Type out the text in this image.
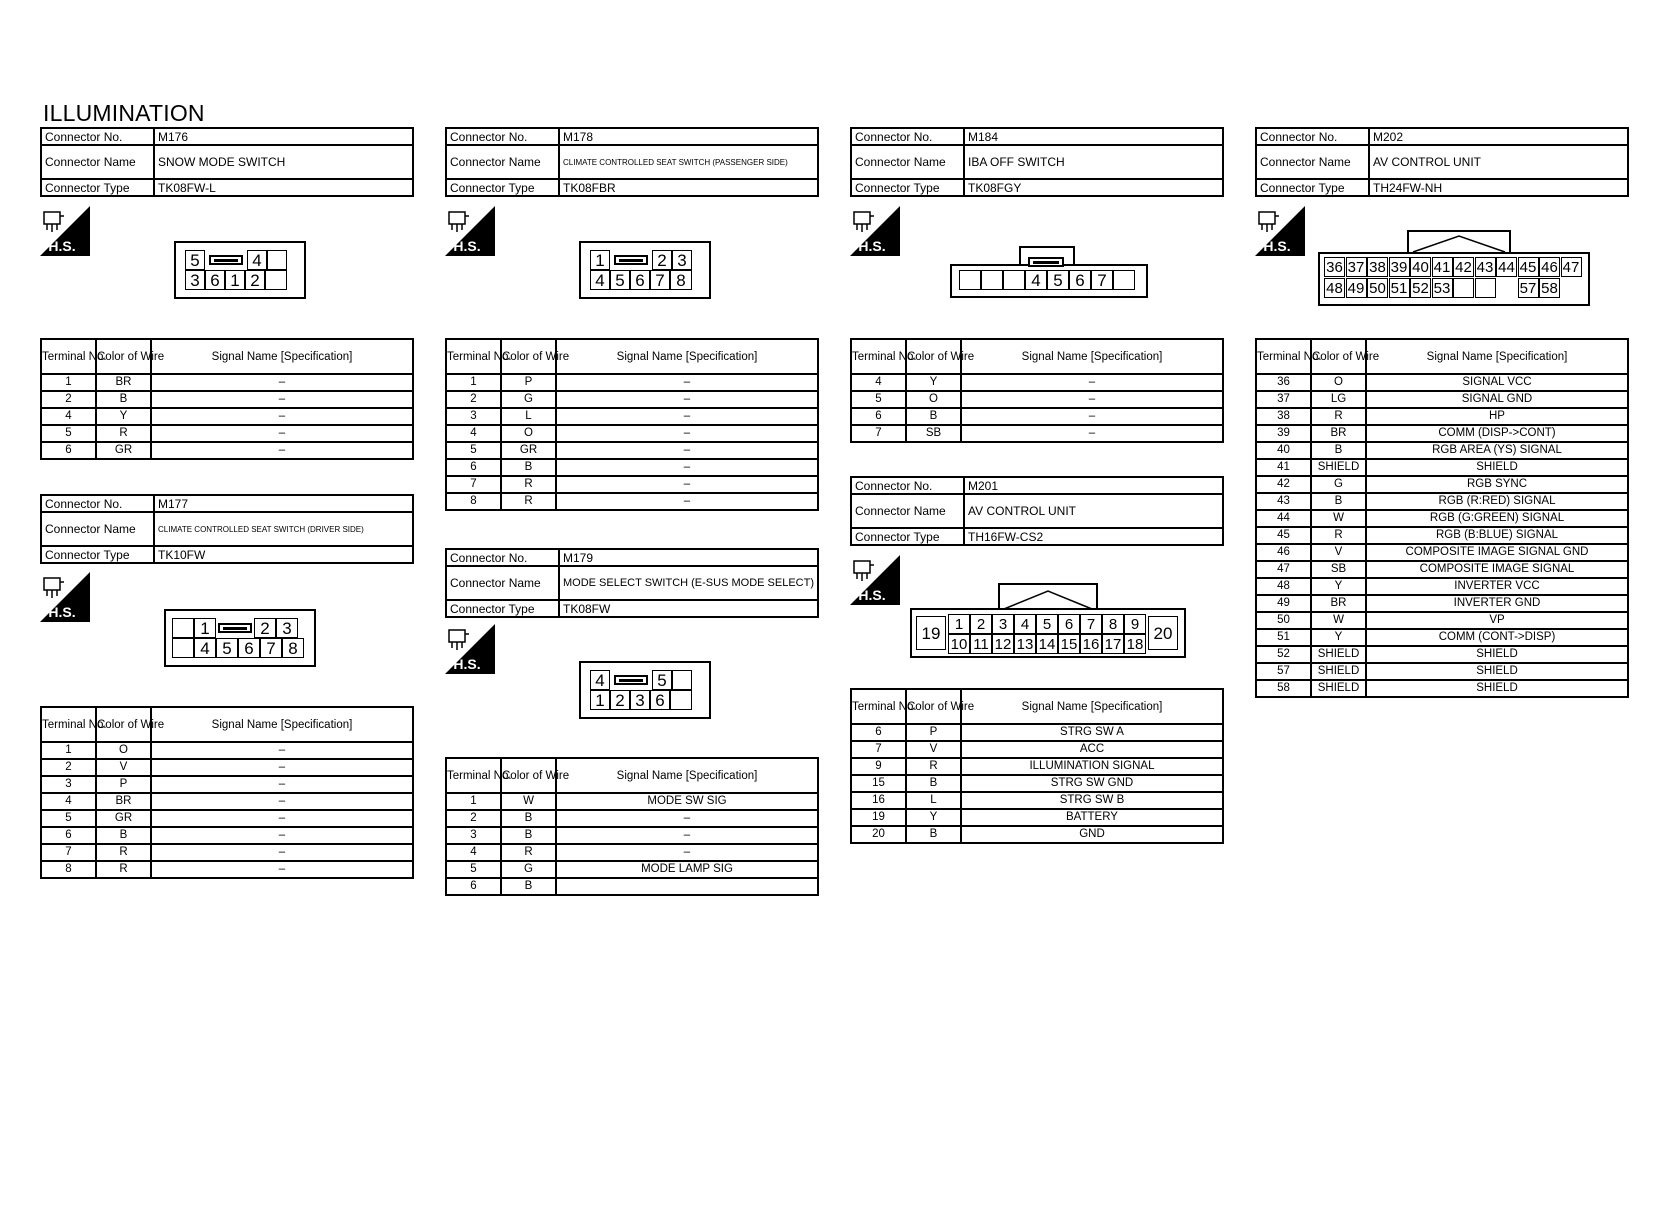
ILLUMINATION
Connector No.	M176
Connector Name	SNOW MODE SWITCH
Connector Type	TK08FW-L
H.S.
5	4
3 6 1 2
Terminal No.	Color of Wire	Signal Name [Specification]
1	BR	–
2	B	–
4	Y	–
5	R	–
6	GR	–
Connector No.	M177
Connector Name	CLIMATE CONTROLLED SEAT SWITCH (DRIVER SIDE)
Connector Type	TK10FW
H.S.
1	2 3
4 5 6 7 8
Terminal No.	Color of Wire	Signal Name [Specification]
1	O	–
2	V	–
3	P	–
4	BR	–
5	GR	–
6	B	–
7	R	–
8	R	–
Connector No.	M178
Connector Name	CLIMATE CONTROLLED SEAT SWITCH (PASSENGER SIDE)
Connector Type	TK08FBR
H.S.
1	2 3
4 5 6 7 8
Terminal No.	Color of Wire	Signal Name [Specification]
1	P	–
2	G	–
3	L	–
4	O	–
5	GR	–
6	B	–
7	R	–
8	R	–
Connector No.	M179
Connector Name	MODE SELECT SWITCH (E-SUS MODE SELECT)
Connector Type	TK08FW
H.S.
4	5
1 2 3 6
Terminal No.	Color of Wire	Signal Name [Specification]
1	W	MODE SW SIG
2	B	–
3	B	–
4	R	–
5	G	MODE LAMP SIG
6	B	
Connector No.	M184
Connector Name	IBA OFF SWITCH
Connector Type	TK08FGY
H.S.
4 5 6 7
Terminal No.	Color of Wire	Signal Name [Specification]
4	Y	–
5	O	–
6	B	–
7	SB	–
Connector No.	M201
Connector Name	AV CONTROL UNIT
Connector Type	TH16FW-CS2
H.S.
1 2 3 4 5 6 7 8 9
19
10 11 12 13 14 15 16 17 18
20
Terminal No.	Color of Wire	Signal Name [Specification]
6	P	STRG SW A
7	V	ACC
9	R	ILLUMINATION SIGNAL
15	B	STRG SW GND
16	L	STRG SW B
19	Y	BATTERY
20	B	GND
Connector No.	M202
Connector Name	AV CONTROL UNIT
Connector Type	TH24FW-NH
H.S.
36 37 38 39 40 41 42 43 44 45 46 47
48 49 50 51 52 53	57 58
Terminal No.	Color of Wire	Signal Name [Specification]
36	O	SIGNAL VCC
37	LG	SIGNAL GND
38	R	HP
39	BR	COMM (DISP->CONT)
40	B	RGB AREA (YS) SIGNAL
41	SHIELD	SHIELD
42	G	RGB SYNC
43	B	RGB (R:RED) SIGNAL
44	W	RGB (G:GREEN) SIGNAL
45	R	RGB (B:BLUE) SIGNAL
46	V	COMPOSITE IMAGE SIGNAL GND
47	SB	COMPOSITE IMAGE SIGNAL
48	Y	INVERTER VCC
49	BR	INVERTER GND
50	W	VP
51	Y	COMM (CONT->DISP)
52	SHIELD	SHIELD
57	SHIELD	SHIELD
58	SHIELD	SHIELD
